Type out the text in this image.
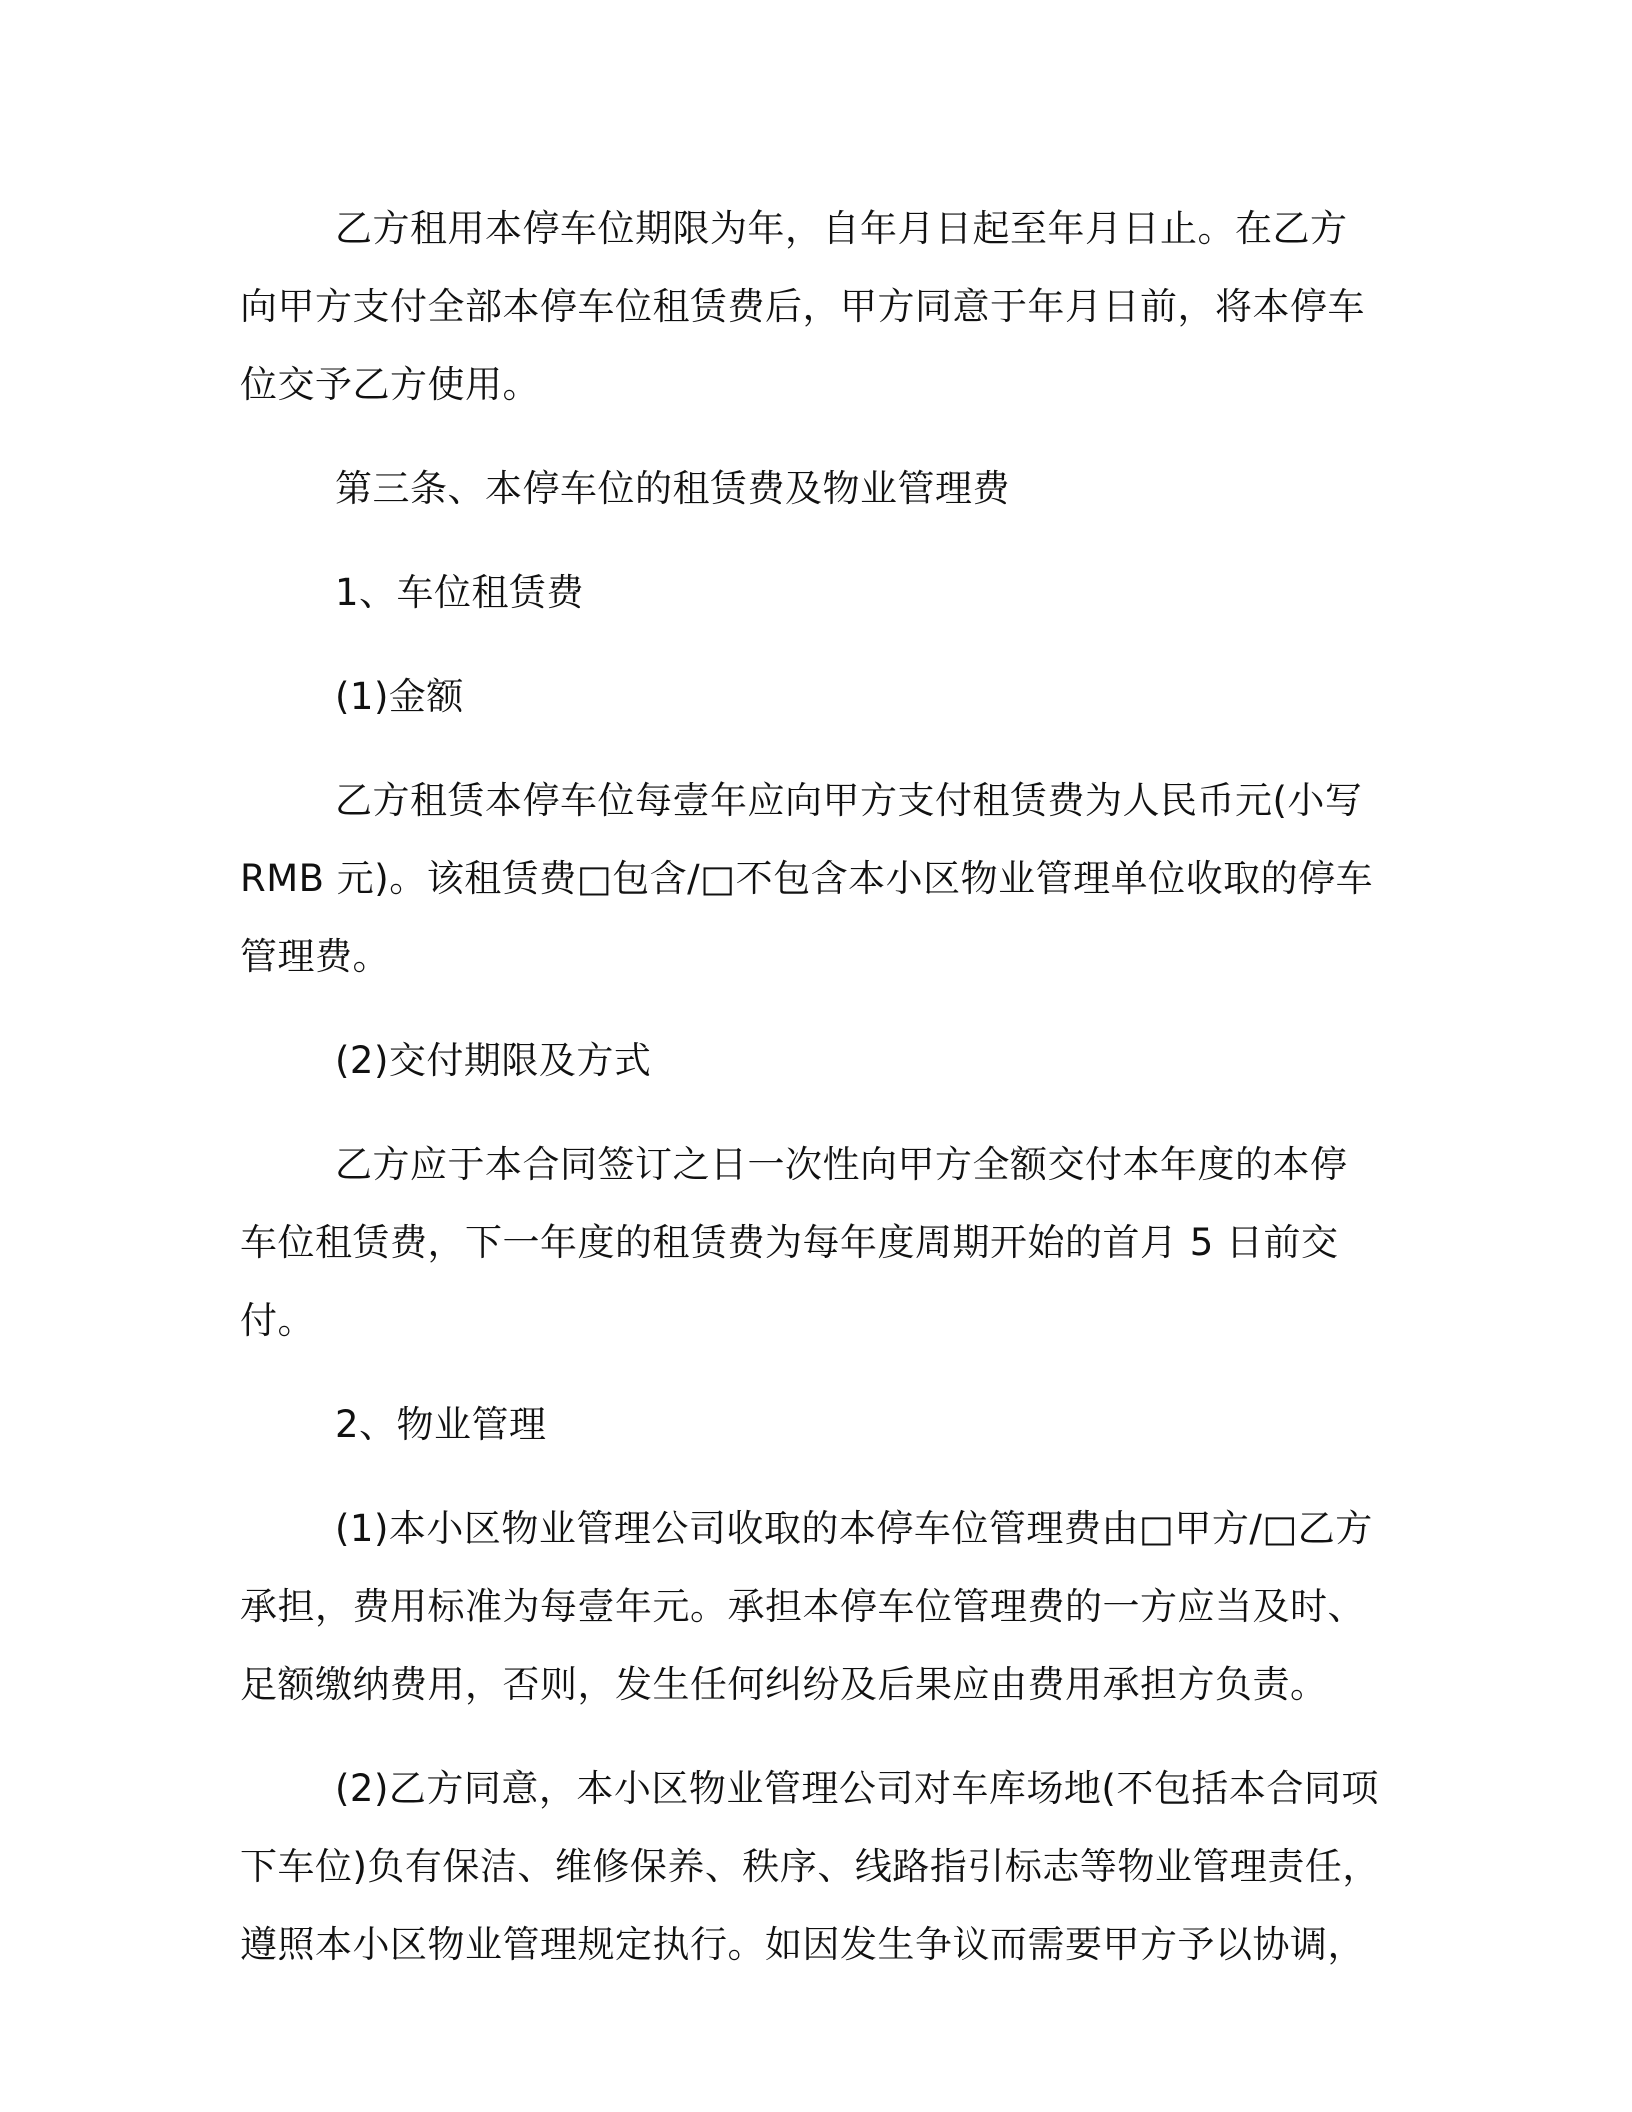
乙方租用本停车位期限为年，自年月日起至年月日止。在乙方向甲方支付全部本停车位租赁费后，甲方同意于年月日前，将本停车位交予乙方使用。

第三条、本停车位的租赁费及物业管理费

1、车位租赁费

(1)金额

乙方租赁本停车位每壹年应向甲方支付租赁费为人民币元(小写 RMB 元)。该租赁费□包含/□不包含本小区物业管理单位收取的停车管理费。

(2)交付期限及方式

乙方应于本合同签订之日一次性向甲方全额交付本年度的本停车位租赁费，下一年度的租赁费为每年度周期开始的首月 5 日前交付。

2、物业管理

(1)本小区物业管理公司收取的本停车位管理费由□甲方/□乙方承担，费用标准为每壹年元。承担本停车位管理费的一方应当及时、足额缴纳费用，否则，发生任何纠纷及后果应由费用承担方负责。

(2)乙方同意，本小区物业管理公司对车库场地(不包括本合同项下车位)负有保洁、维修保养、秩序、线路指引标志等物业管理责任，遵照本小区物业管理规定执行。如因发生争议而需要甲方予以协调，
